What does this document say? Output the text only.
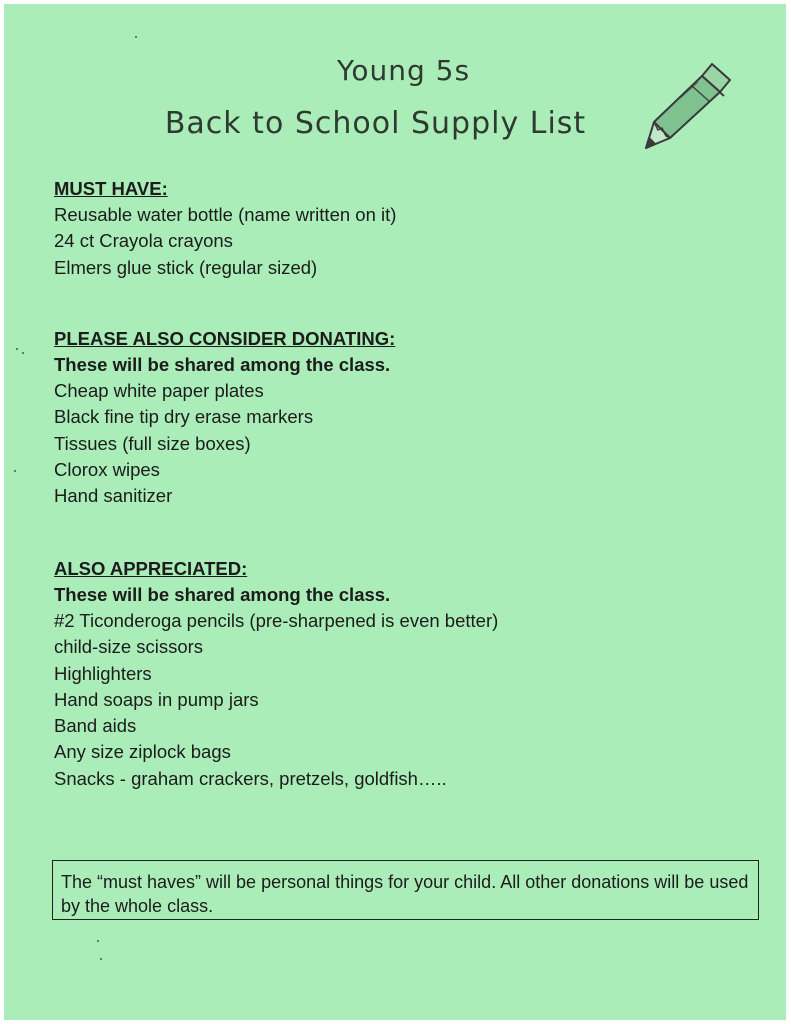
Young 5s
Back to School Supply List
MUST HAVE:
Reusable water bottle (name written on it)
24 ct Crayola crayons
Elmers glue stick (regular sized)
PLEASE ALSO CONSIDER DONATING:
These will be shared among the class.
Cheap white paper plates
Black fine tip dry erase markers
Tissues (full size boxes)
Clorox wipes
Hand sanitizer
ALSO APPRECIATED:
These will be shared among the class.
#2 Ticonderoga pencils (pre-sharpened is even better)
child-size scissors
Highlighters
Hand soaps in pump jars
Band aids
Any size ziplock bags
Snacks - graham crackers, pretzels, goldfish…..
The “must haves” will be personal things for your child. All other donations will be used by the whole class.
